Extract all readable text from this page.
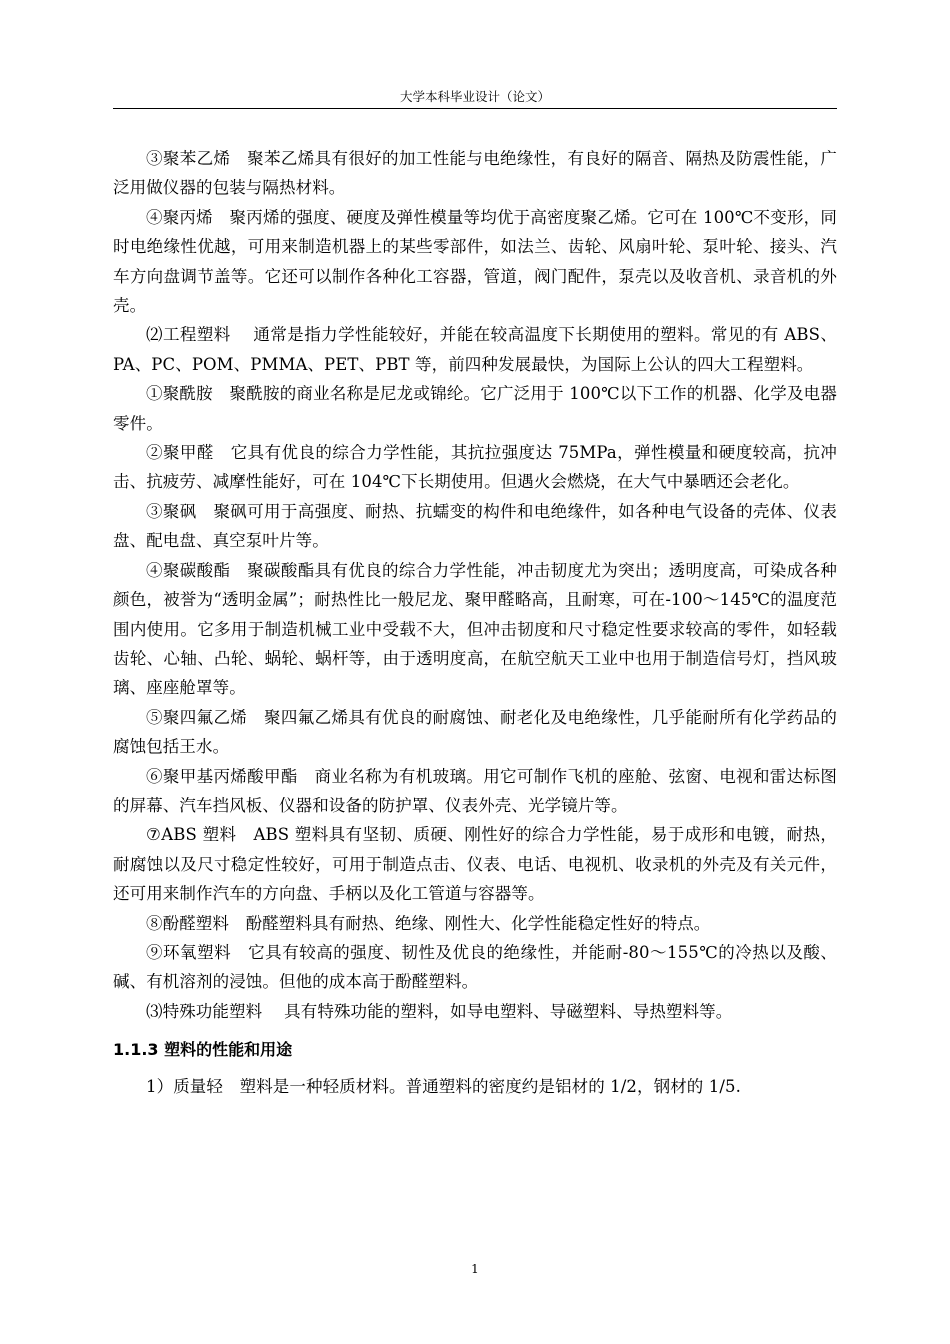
大学本科毕业设计（论文）

③聚苯乙烯　聚苯乙烯具有很好的加工性能与电绝缘性，有良好的隔音、隔热及防震性能，广泛用做仪器的包装与隔热材料。

④聚丙烯　聚丙烯的强度、硬度及弹性模量等均优于高密度聚乙烯。它可在 100℃不变形，同时电绝缘性优越，可用来制造机器上的某些零部件，如法兰、齿轮、风扇叶轮、泵叶轮、接头、汽车方向盘调节盖等。它还可以制作各种化工容器，管道，阀门配件，泵壳以及收音机、录音机的外壳。

⑵工程塑料　 通常是指力学性能较好，并能在较高温度下长期使用的塑料。常见的有 ABS、PA、PC、POM、PMMA、PET、PBT 等，前四种发展最快，为国际上公认的四大工程塑料。

①聚酰胺　聚酰胺的商业名称是尼龙或锦纶。它广泛用于 100℃以下工作的机器、化学及电器零件。

②聚甲醛　它具有优良的综合力学性能，其抗拉强度达 75MPa，弹性模量和硬度较高，抗冲击、抗疲劳、减摩性能好，可在 104℃下长期使用。但遇火会燃烧，在大气中暴晒还会老化。

③聚砜　聚砜可用于高强度、耐热、抗蠕变的构件和电绝缘件，如各种电气设备的壳体、仪表盘、配电盘、真空泵叶片等。

④聚碳酸酯　聚碳酸酯具有优良的综合力学性能，冲击韧度尤为突出；透明度高，可染成各种颜色，被誉为“透明金属”；耐热性比一般尼龙、聚甲醛略高，且耐寒，可在-100～145℃的温度范围内使用。它多用于制造机械工业中受载不大，但冲击韧度和尺寸稳定性要求较高的零件，如轻载齿轮、心轴、凸轮、蜗轮、蜗杆等，由于透明度高，在航空航天工业中也用于制造信号灯，挡风玻璃、座座舱罩等。

⑤聚四氟乙烯　聚四氟乙烯具有优良的耐腐蚀、耐老化及电绝缘性，几乎能耐所有化学药品的腐蚀包括王水。

⑥聚甲基丙烯酸甲酯　商业名称为有机玻璃。用它可制作飞机的座舱、弦窗、电视和雷达标图的屏幕、汽车挡风板、仪器和设备的防护罩、仪表外壳、光学镜片等。

⑦ABS 塑料　ABS 塑料具有坚韧、质硬、刚性好的综合力学性能，易于成形和电镀，耐热，耐腐蚀以及尺寸稳定性较好，可用于制造点击、仪表、电话、电视机、收录机的外壳及有关元件，还可用来制作汽车的方向盘、手柄以及化工管道与容器等。

⑧酚醛塑料　酚醛塑料具有耐热、绝缘、刚性大、化学性能稳定性好的特点。

⑨环氧塑料　它具有较高的强度、韧性及优良的绝缘性，并能耐-80～155℃的冷热以及酸、碱、有机溶剂的浸蚀。但他的成本高于酚醛塑料。

⑶特殊功能塑料　 具有特殊功能的塑料，如导电塑料、导磁塑料、导热塑料等。

1.1.3 塑料的性能和用途

1）质量轻　塑料是一种轻质材料。普通塑料的密度约是铝材的 1/2，钢材的 1/5.

1
